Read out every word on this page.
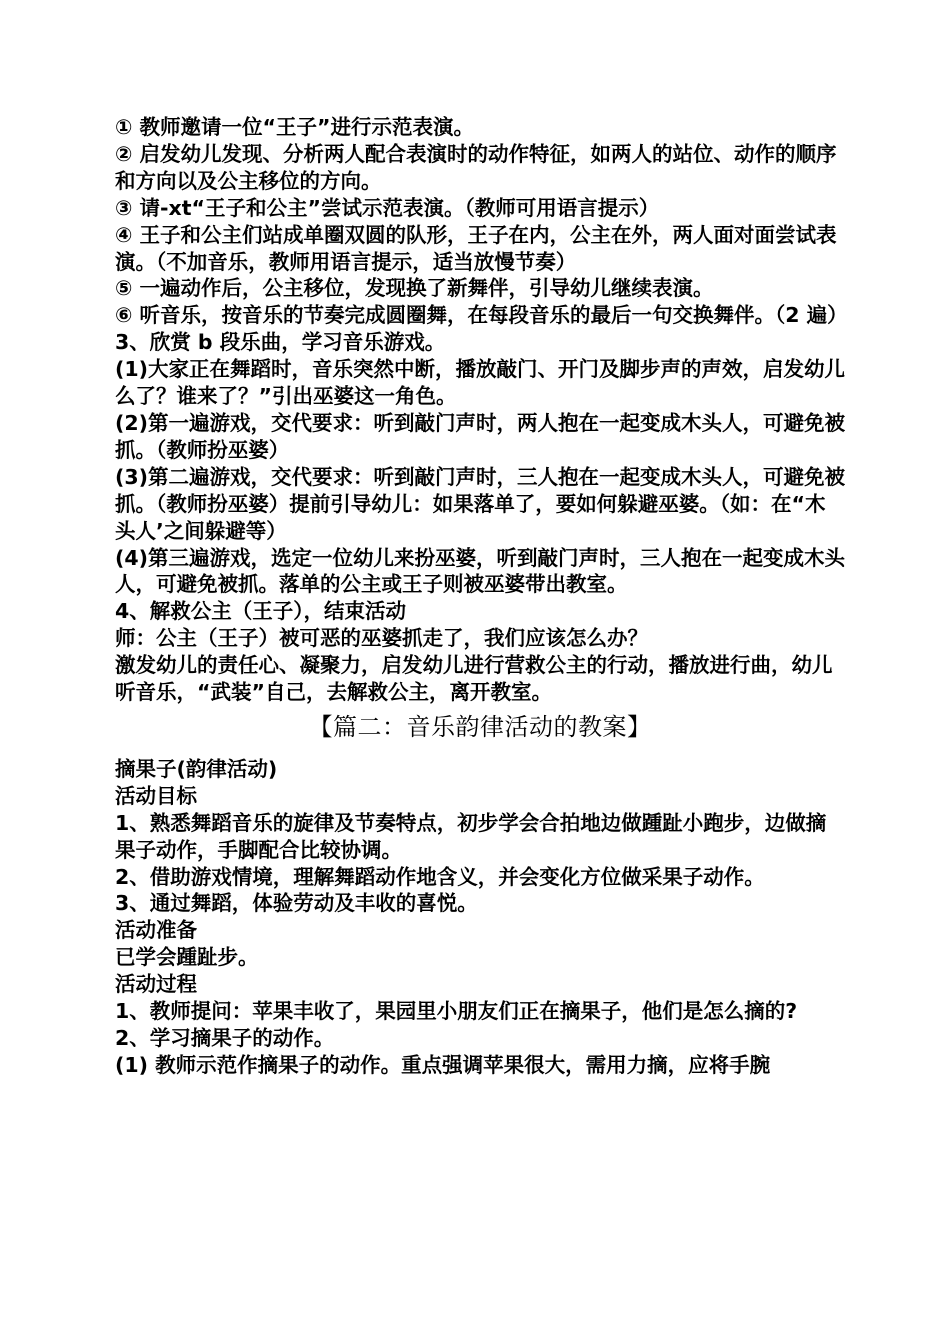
① 教师邀请一位“王子”进行示范表演。

② 启发幼儿发现、分析两人配合表演时的动作特征，如两人的站位、动作的顺序和方向以及公主移位的方向。

③ 请-xt“王子和公主”尝试示范表演。（教师可用语言提示）

④ 王子和公主们站成单圈双圆的队形，王子在内，公主在外，两人面对面尝试表演。（不加音乐，教师用语言提示，适当放慢节奏）

⑤ 一遍动作后，公主移位，发现换了新舞伴，引导幼儿继续表演。

⑥ 听音乐，按音乐的节奏完成圆圈舞，在每段音乐的最后一句交换舞伴。（2 遍）

3、欣赏 b 段乐曲，学习音乐游戏。

(1)大家正在舞蹈时，音乐突然中断，播放敲门、开门及脚步声的声效，启发幼儿么了？谁来了？”引出巫婆这一角色。

(2)第一遍游戏，交代要求：听到敲门声时，两人抱在一起变成木头人，可避免被抓。（教师扮巫婆）

(3)第二遍游戏，交代要求：听到敲门声时，三人抱在一起变成木头人，可避免被抓。（教师扮巫婆）提前引导幼儿：如果落单了，要如何躲避巫婆。（如：在“木头人’之间躲避等）

(4)第三遍游戏，选定一位幼儿来扮巫婆，听到敲门声时，三人抱在一起变成木头人，可避免被抓。落单的公主或王子则被巫婆带出教室。

4、解救公主（王子），结束活动

师：公主（王子）被可恶的巫婆抓走了，我们应该怎么办？

激发幼儿的责任心、凝聚力，启发幼儿进行营救公主的行动，播放进行曲，幼儿听音乐，“武装”自己，去解救公主，离开教室。

【篇二：音乐韵律活动的教案】

摘果子(韵律活动)

活动目标

1、熟悉舞蹈音乐的旋律及节奏特点，初步学会合拍地边做踵趾小跑步，边做摘果子动作，手脚配合比较协调。

2、借助游戏情境，理解舞蹈动作地含义，并会变化方位做采果子动作。

3、通过舞蹈，体验劳动及丰收的喜悦。

活动准备

已学会踵趾步。

活动过程

1、教师提问：苹果丰收了，果园里小朋友们正在摘果子，他们是怎么摘的?

2、学习摘果子的动作。

(1) 教师示范作摘果子的动作。重点强调苹果很大，需用力摘，应将手腕
